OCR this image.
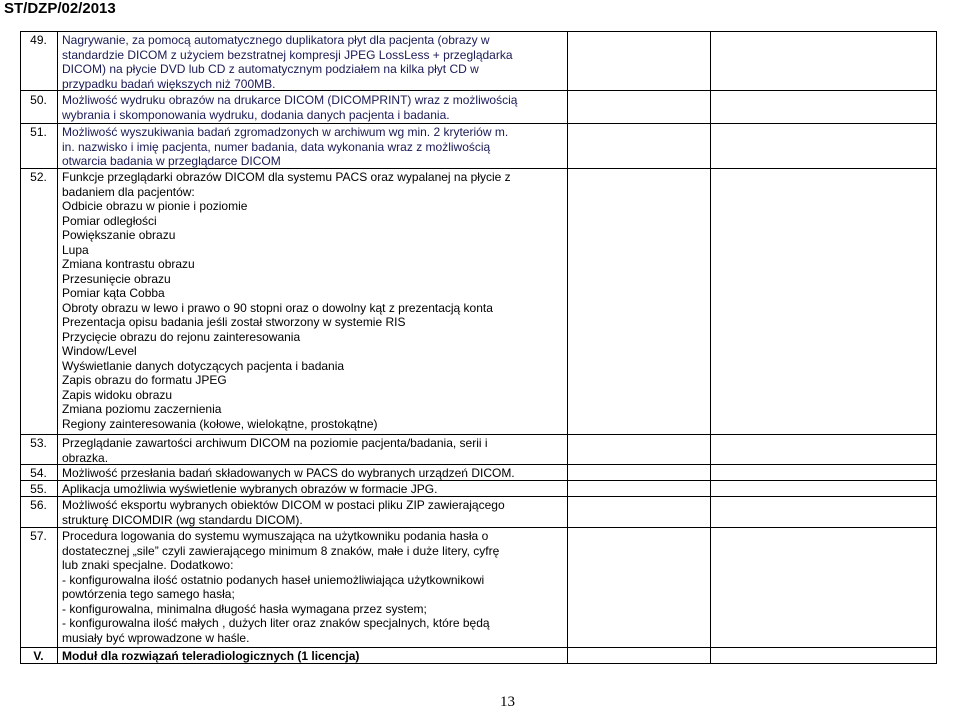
ST/DZP/02/2013
49.	Nagrywanie, za pomocą automatycznego duplikatora płyt dla pacjenta (obrazy w
standardzie DICOM z użyciem bezstratnej kompresji JPEG LossLess + przeglądarka
DICOM) na płycie DVD lub CD z automatycznym podziałem na kilka płyt CD w
przypadku badań większych niż 700MB.
50.	Możliwość wydruku obrazów na drukarce DICOM (DICOMPRINT) wraz z możliwością
wybrania i skomponowania wydruku, dodania danych pacjenta i badania.
51.	Możliwość wyszukiwania badań zgromadzonych w archiwum wg min. 2 kryteriów m.
in. nazwisko i imię pacjenta, numer badania, data wykonania wraz z możliwością
otwarcia badania w przeglądarce DICOM
52.	Funkcje przeglądarki obrazów DICOM dla systemu PACS oraz wypalanej na płycie z
badaniem dla pacjentów:
Odbicie obrazu w pionie i poziomie
Pomiar odległości
Powiększanie obrazu
Lupa
Zmiana kontrastu obrazu
Przesunięcie obrazu
Pomiar kąta Cobba
Obroty obrazu w lewo i prawo o 90 stopni oraz o dowolny kąt z prezentacją konta
Prezentacja opisu badania jeśli został stworzony w systemie RIS
Przycięcie obrazu do rejonu zainteresowania
Window/Level
Wyświetlanie danych dotyczących pacjenta i badania
Zapis obrazu do formatu JPEG
Zapis widoku obrazu
Zmiana poziomu zaczernienia
Regiony zainteresowania (kołowe, wielokątne, prostokątne)
53.	Przeglądanie zawartości archiwum DICOM na poziomie pacjenta/badania, serii i
obrazka.
54.	Możliwość przesłania badań składowanych w PACS do wybranych urządzeń DICOM.
55.	Aplikacja umożliwia wyświetlenie wybranych obrazów w formacie JPG.
56.	Możliwość eksportu wybranych obiektów DICOM w postaci pliku ZIP zawierającego
strukturę DICOMDIR (wg standardu DICOM).
57.	Procedura logowania do systemu wymuszająca na użytkowniku podania hasła o
dostatecznej „sile” czyli zawierającego minimum 8 znaków, małe i duże litery, cyfrę
lub znaki specjalne. Dodatkowo:
- konfigurowalna ilość ostatnio podanych haseł uniemożliwiająca użytkownikowi
powtórzenia tego samego hasła;
- konfigurowalna, minimalna długość hasła wymagana przez system;
- konfigurowalna ilość małych , dużych liter oraz znaków specjalnych, które będą
musiały być wprowadzone w haśle.
V.	Moduł dla rozwiązań teleradiologicznych (1 licencja)
13
